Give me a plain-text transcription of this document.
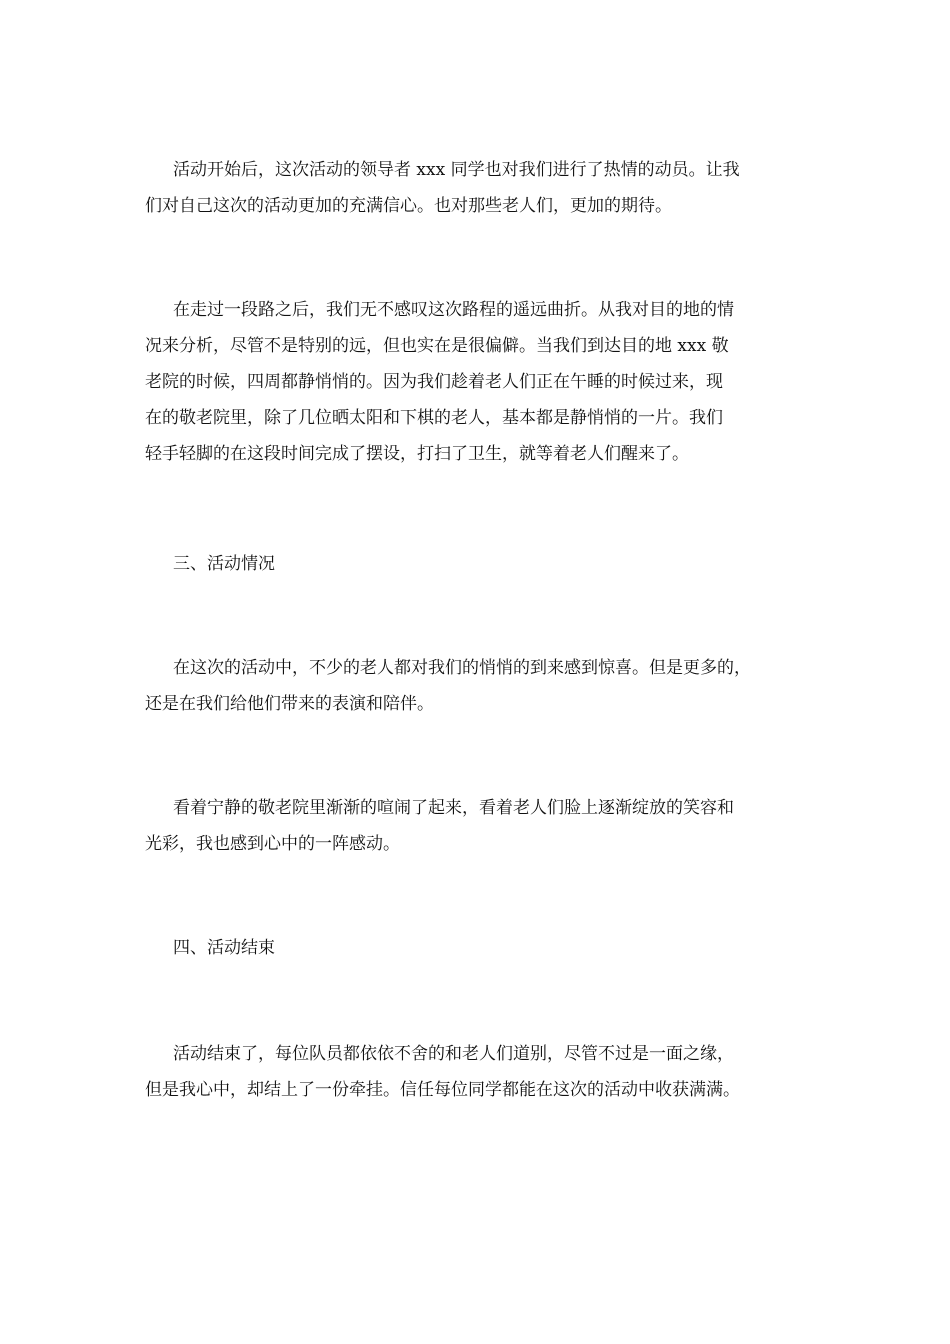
活动开始后，这次活动的领导者 xxx 同学也对我们进行了热情的动员。让我
们对自己这次的活动更加的充满信心。也对那些老人们，更加的期待。
在走过一段路之后，我们无不感叹这次路程的遥远曲折。从我对目的地的情
况来分析，尽管不是特别的远，但也实在是很偏僻。当我们到达目的地 xxx 敬
老院的时候，四周都静悄悄的。因为我们趁着老人们正在午睡的时候过来，现
在的敬老院里，除了几位晒太阳和下棋的老人，基本都是静悄悄的一片。我们
轻手轻脚的在这段时间完成了摆设，打扫了卫生，就等着老人们醒来了。
三、活动情况
在这次的活动中，不少的老人都对我们的悄悄的到来感到惊喜。但是更多的，
还是在我们给他们带来的表演和陪伴。
看着宁静的敬老院里渐渐的喧闹了起来，看着老人们脸上逐渐绽放的笑容和
光彩，我也感到心中的一阵感动。
四、活动结束
活动结束了，每位队员都依依不舍的和老人们道别，尽管不过是一面之缘，
但是我心中，却结上了一份牵挂。信任每位同学都能在这次的活动中收获满满。
